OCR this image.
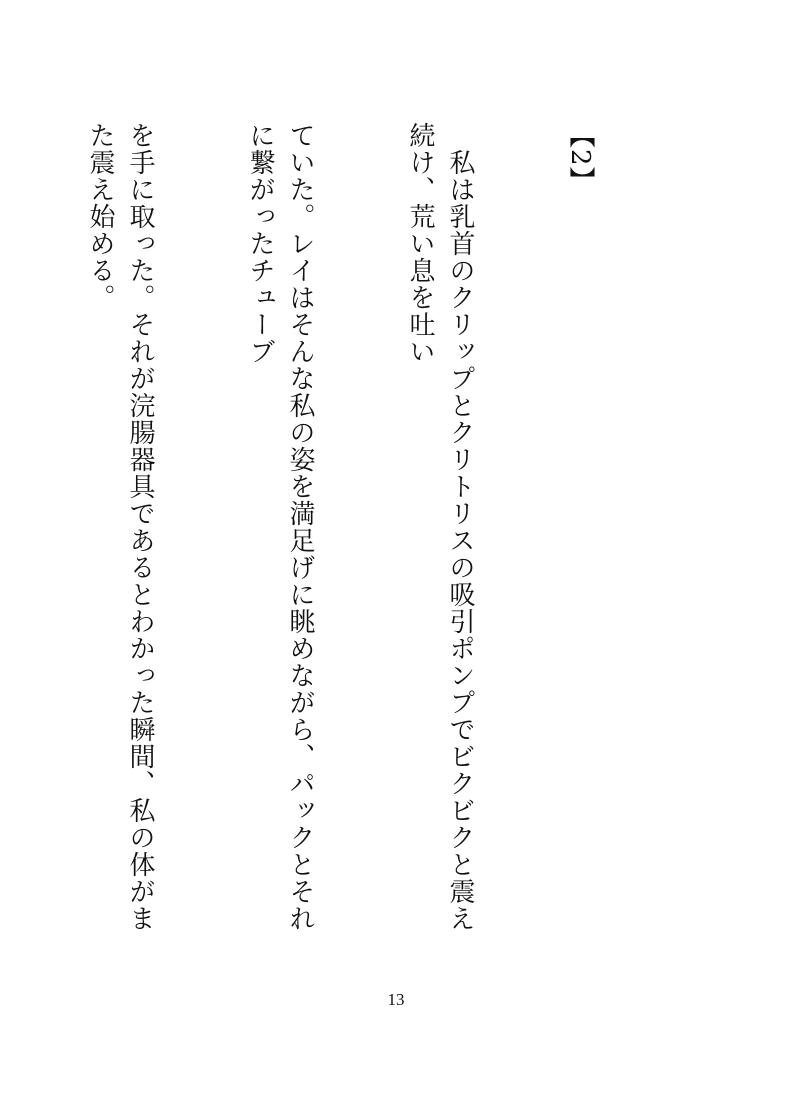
【2】

　私は乳首のクリップとクリトリスの吸引ポンプでビクビクと震え続け、荒い息を吐い

ていた。レイはそんな私の姿を満足げに眺めながら、パックとそれに繋がったチューブ

を手に取った。それが浣腸器具であるとわかった瞬間、私の体がまた震え始める。

13
